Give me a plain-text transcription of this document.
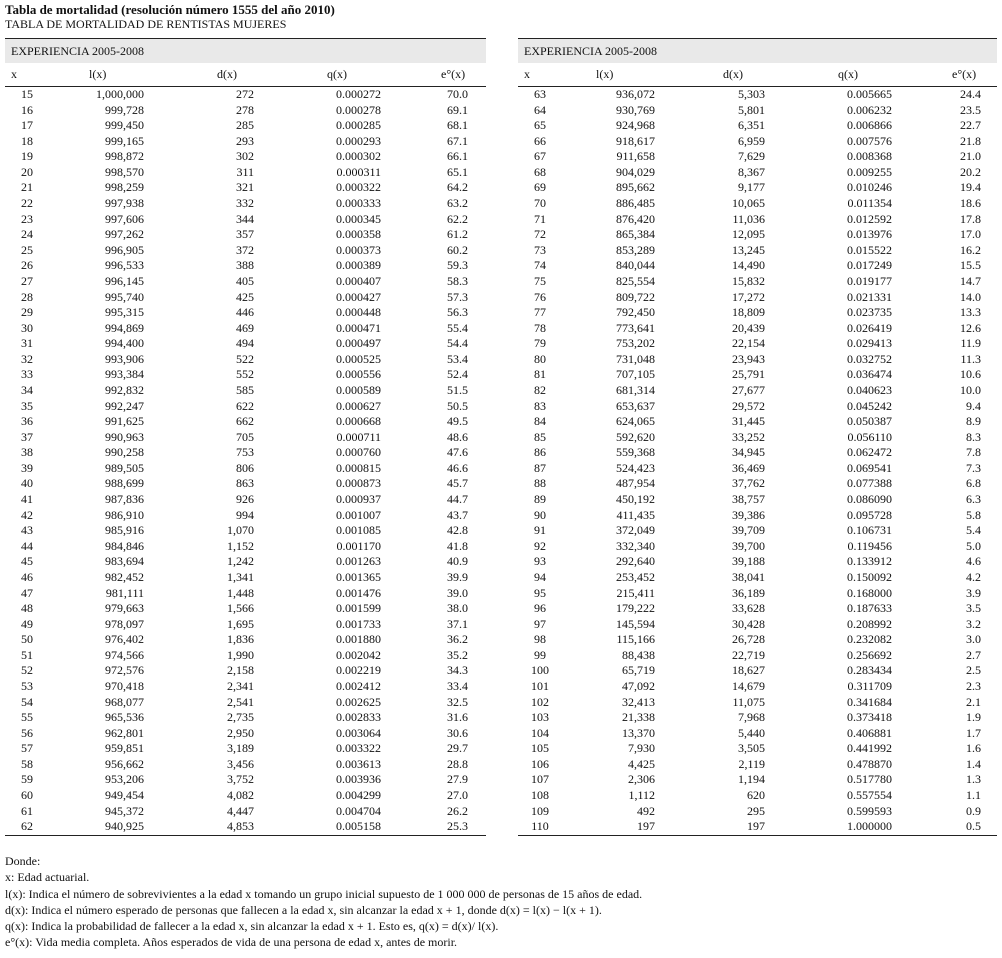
Tabla de mortalidad (resolución número 1555 del año 2010)
TABLA DE MORTALIDAD DE RENTISTAS MUJERES
EXPERIENCIA 2005-2008
x	l(x)	d(x)	q(x)	e°(x)
15	1,000,000	272	0.000272	70.0
16	999,728	278	0.000278	69.1
17	999,450	285	0.000285	68.1
18	999,165	293	0.000293	67.1
19	998,872	302	0.000302	66.1
20	998,570	311	0.000311	65.1
21	998,259	321	0.000322	64.2
22	997,938	332	0.000333	63.2
23	997,606	344	0.000345	62.2
24	997,262	357	0.000358	61.2
25	996,905	372	0.000373	60.2
26	996,533	388	0.000389	59.3
27	996,145	405	0.000407	58.3
28	995,740	425	0.000427	57.3
29	995,315	446	0.000448	56.3
30	994,869	469	0.000471	55.4
31	994,400	494	0.000497	54.4
32	993,906	522	0.000525	53.4
33	993,384	552	0.000556	52.4
34	992,832	585	0.000589	51.5
35	992,247	622	0.000627	50.5
36	991,625	662	0.000668	49.5
37	990,963	705	0.000711	48.6
38	990,258	753	0.000760	47.6
39	989,505	806	0.000815	46.6
40	988,699	863	0.000873	45.7
41	987,836	926	0.000937	44.7
42	986,910	994	0.001007	43.7
43	985,916	1,070	0.001085	42.8
44	984,846	1,152	0.001170	41.8
45	983,694	1,242	0.001263	40.9
46	982,452	1,341	0.001365	39.9
47	981,111	1,448	0.001476	39.0
48	979,663	1,566	0.001599	38.0
49	978,097	1,695	0.001733	37.1
50	976,402	1,836	0.001880	36.2
51	974,566	1,990	0.002042	35.2
52	972,576	2,158	0.002219	34.3
53	970,418	2,341	0.002412	33.4
54	968,077	2,541	0.002625	32.5
55	965,536	2,735	0.002833	31.6
56	962,801	2,950	0.003064	30.6
57	959,851	3,189	0.003322	29.7
58	956,662	3,456	0.003613	28.8
59	953,206	3,752	0.003936	27.9
60	949,454	4,082	0.004299	27.0
61	945,372	4,447	0.004704	26.2
62	940,925	4,853	0.005158	25.3
EXPERIENCIA 2005-2008
x	l(x)	d(x)	q(x)	e°(x)
63	936,072	5,303	0.005665	24.4
64	930,769	5,801	0.006232	23.5
65	924,968	6,351	0.006866	22.7
66	918,617	6,959	0.007576	21.8
67	911,658	7,629	0.008368	21.0
68	904,029	8,367	0.009255	20.2
69	895,662	9,177	0.010246	19.4
70	886,485	10,065	0.011354	18.6
71	876,420	11,036	0.012592	17.8
72	865,384	12,095	0.013976	17.0
73	853,289	13,245	0.015522	16.2
74	840,044	14,490	0.017249	15.5
75	825,554	15,832	0.019177	14.7
76	809,722	17,272	0.021331	14.0
77	792,450	18,809	0.023735	13.3
78	773,641	20,439	0.026419	12.6
79	753,202	22,154	0.029413	11.9
80	731,048	23,943	0.032752	11.3
81	707,105	25,791	0.036474	10.6
82	681,314	27,677	0.040623	10.0
83	653,637	29,572	0.045242	9.4
84	624,065	31,445	0.050387	8.9
85	592,620	33,252	0.056110	8.3
86	559,368	34,945	0.062472	7.8
87	524,423	36,469	0.069541	7.3
88	487,954	37,762	0.077388	6.8
89	450,192	38,757	0.086090	6.3
90	411,435	39,386	0.095728	5.8
91	372,049	39,709	0.106731	5.4
92	332,340	39,700	0.119456	5.0
93	292,640	39,188	0.133912	4.6
94	253,452	38,041	0.150092	4.2
95	215,411	36,189	0.168000	3.9
96	179,222	33,628	0.187633	3.5
97	145,594	30,428	0.208992	3.2
98	115,166	26,728	0.232082	3.0
99	88,438	22,719	0.256692	2.7
100	65,719	18,627	0.283434	2.5
101	47,092	14,679	0.311709	2.3
102	32,413	11,075	0.341684	2.1
103	21,338	7,968	0.373418	1.9
104	13,370	5,440	0.406881	1.7
105	7,930	3,505	0.441992	1.6
106	4,425	2,119	0.478870	1.4
107	2,306	1,194	0.517780	1.3
108	1,112	620	0.557554	1.1
109	492	295	0.599593	0.9
110	197	197	1.000000	0.5
Donde:
x: Edad actuarial.
l(x): Indica el número de sobrevivientes a la edad x tomando un grupo inicial supuesto de 1 000 000 de personas de 15 años de edad.
d(x): Indica el número esperado de personas que fallecen a la edad x, sin alcanzar la edad x + 1, donde d(x) = l(x) − l(x + 1).
q(x): Indica la probabilidad de fallecer a la edad x, sin alcanzar la edad x + 1. Esto es, q(x) = d(x)/ l(x).
e°(x): Vida media completa. Años esperados de vida de una persona de edad x, antes de morir.
